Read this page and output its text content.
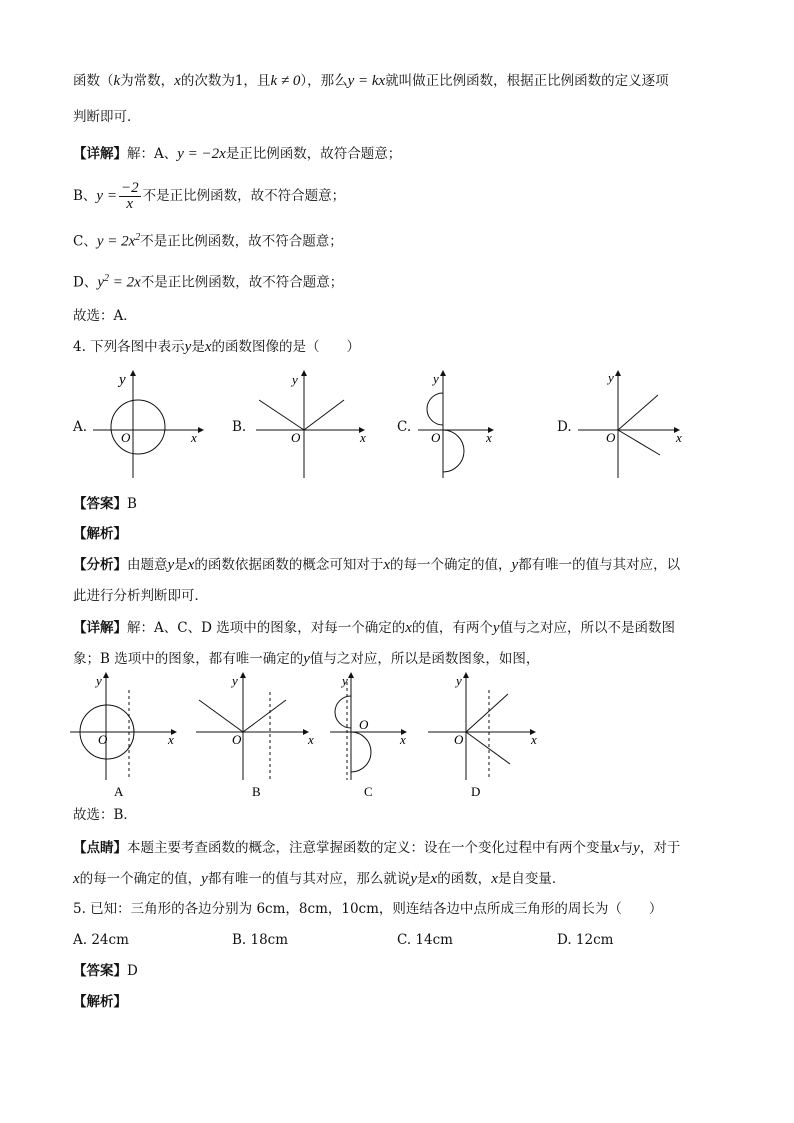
函数（k为常数，x的次数为1，且k ≠ 0），那么y = kx就叫做正比例函数，根据正比例函数的定义逐项
判断即可．
【详解】解：A、y = −2x是正比例函数，故符合题意；
B、$y = \frac{-2}{x}$ 不是正比例函数，故不符合题意；
C、$y = 2x^2$不是正比例函数，故不符合题意；
D、$y^2 = 2x$不是正比例函数，故不符合题意；
故选：A．
4. 下列各图中表示y是x的函数图像的是（　　）
A.
y
x
O
B.
y
x
O
C.
y
x
O
D.
y
x
O
【答案】B
【解析】
【分析】由题意y是x的函数依据函数的概念可知对于x的每一个确定的值，y都有唯一的值与其对应，以
此进行分析判断即可．
【详解】解：A、C、D 选项中的图象，对每一个确定的x的值，有两个y值与之对应，所以不是函数图
象；B 选项中的图象，都有唯一确定的y值与之对应，所以是函数图象，如图，
y
x
O
A
y
x
O
B
y
x
O
C
y
x
O
D
故选：B．
【点睛】本题主要考查函数的概念，注意掌握函数的定义：设在一个变化过程中有两个变量x与y，对于
x的每一个确定的值，y都有唯一的值与其对应，那么就说y是x的函数，x是自变量．
5. 已知：三角形的各边分别为 6cm，8cm，10cm，则连结各边中点所成三角形的周长为（　　）
A. 24cm	B. 18cm	C. 14cm	D. 12cm
【答案】D
【解析】
